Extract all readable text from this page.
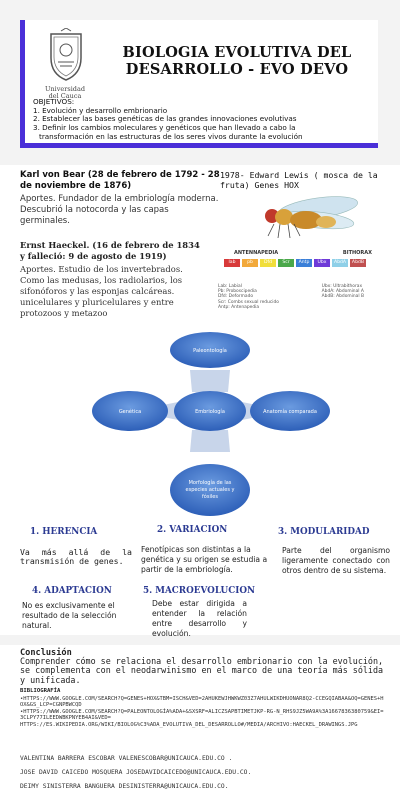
Universidad
del Cauca
BIOLOGIA EVOLUTIVA DEL
DESARROLLO - EVO DEVO
OBJETIVOS:
1. Evolución y desarrollo embrionario
2. Establecer las bases genéticas de las grandes innovaciones evolutivas
3. Definir los cambios moleculares y genéticos que han llevado a cabo la
transformación en las estructuras de los seres vivos durante la evolución
Karl von Bear (28 de febrero de 1792 - 28 de noviembre de 1876)
Aportes. Fundador de la embriología moderna. Descubrió la notocorda y las capas germinales.
1978- Edward Lewis ( mosca de la fruta) Genes HOX
ANTENNAPEDIA	BITHORAX
lab	pb	Dfd	Scr	Antp	Ubx	AbdA	AbdB
Lab: Labial
Pb: Proboscipedia
Dfd: Deformado
Scr: Combs sexual reducido
Antp: Antenapedia
Ubx: Ultrabithorax
AbdA: Abdominal A
AbdB: Abdominal B
Ernst Haeckel. (16 de febrero de 1834 y falleció: 9 de agosto de 1919)
Aportes. Estudio de los invertebrados. Como las medusas, los radiolarios, los sifonóforos y las esponjas calcáreas. unicelulares y pluricelulares y entre protozoos y metazoo
Paleontología
Genética	Embriología	Anatomía comparada
Morfología de las
especies actuales y
fósiles
1. HERENCIA
Va más allá de la transmisión de genes.
2. VARIACION
Fenotípicas son distintas a la genética y su origen se estudia a partir de la embriología.
3. MODULARIDAD
Parte del organismo ligeramente conectado con otros dentro de su sistema.
4. ADAPTACION
No es exclusivamente el resultado de la selección natural.
5. MACROEVOLUCION
Debe estar dirigida a entender la relación entre desarrollo y evolución.
Conclusión
Comprender cómo se relaciona el desarrollo embrionario con la evolución, se complementa con el neodarwinismo en el marco de una teoría más sólida y unificada.
BIBLIOGRAFÍA
•HTTPS://WWW.GOOGLE.COM/SEARCH?Q=GENES+HOX&TBM=ISCH&VED=2AHUKEWJHWKWZ03Z7AHULWIKDHUONAR8Q2-CCEGQIABAA&OQ=GENES+HOX&GS_LCP=CGNPBWCQD
•HTTPS://WWW.GOOGLE.COM/SEARCH?Q=PALEONTOLOGÍA%ADA+&SXSRF=ALICZSAPBTIMETJKP-RG-N_RHS9JZ5WA9A%3A1667836380759&EI=3CLPY77ILEEDWBKPNYEB4AI&VED=
HTTPS://ES.WIKIPEDIA.ORG/WIKI/BIOLOG%C3%ADA_EVOLUTIVA_DEL_DESARROLLO#/MEDIA/ARCHIVO:HAECKEL_DRAWINGS.JPG
VALENTINA BARRERA ESCOBAR VALENESCOBAR@UNICAUCA.EDU.CO .
JOSE DAVID CAICEDO MOSQUERA JOSEDAVIDCAICEDO@UNICAUCA.EDU.CO.
DEIMY SINISTERRA BANGUERA DESINISTERRA@UNICAUCA.EDU.CO.
